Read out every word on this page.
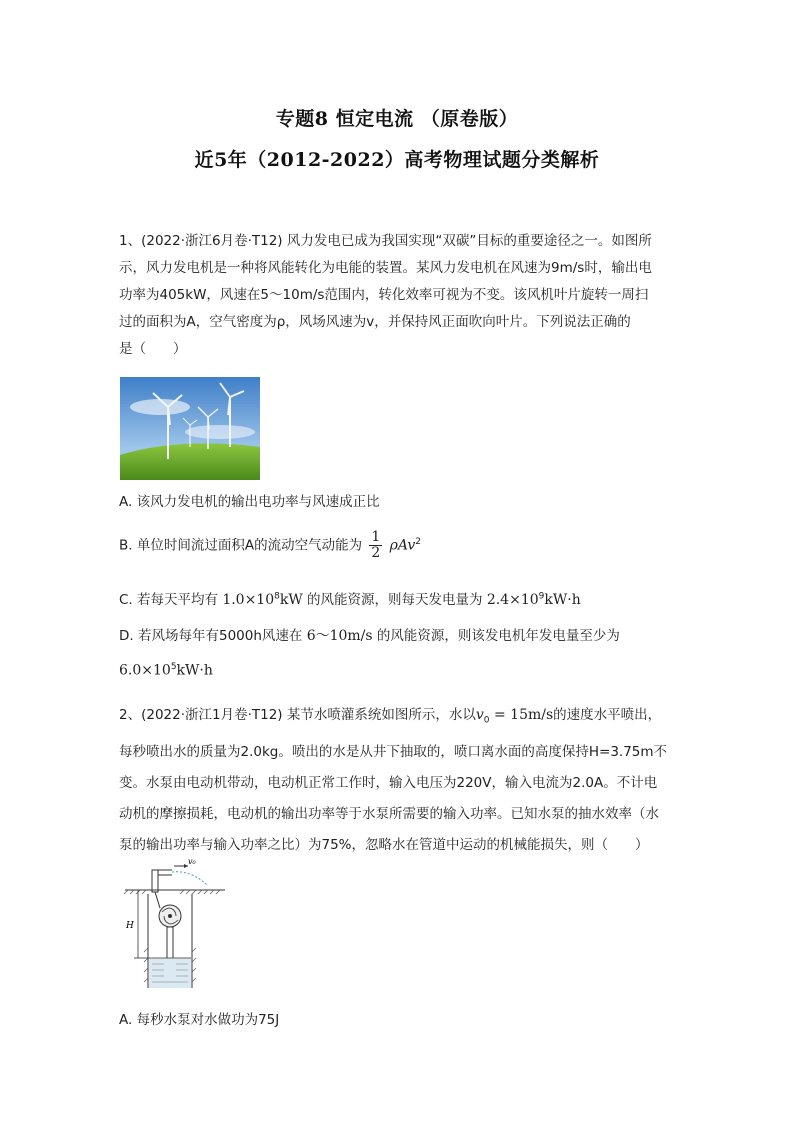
专题8 恒定电流 （原卷版）
近5年（2012-2022）高考物理试题分类解析
1、(2022·浙江6月卷·T12) 风力发电已成为我国实现“双碳”目标的重要途径之一。如图所
示，风力发电机是一种将风能转化为电能的装置。某风力发电机在风速为9m/s时，输出电
功率为405kW，风速在5～10m/s范围内，转化效率可视为不变。该风机叶片旋转一周扫
过的面积为A，空气密度为ρ，风场风速为v，并保持风正面吹向叶片。下列说法正确的
是（　　）
A. 该风力发电机的输出电功率与风速成正比
B. 单位时间流过面积A的流动空气动能为 $\frac{1}{2} \rho Av^2$
C. 若每天平均有 $1.0\times 10^8kW$ 的风能资源，则每天发电量为 $2.4\times 10^9kW\cdot h$
D. 若风场每年有5000h风速在 6～10m/s 的风能资源，则该发电机年发电量至少为
$6.0\times 10^5kW\cdot h$
2、(2022·浙江1月卷·T12) 某节水喷灌系统如图所示，水以$v_0 = 15m/s$的速度水平喷出，
每秒喷出水的质量为2.0kg。喷出的水是从井下抽取的，喷口离水面的高度保持H=3.75m不
变。水泵由电动机带动，电动机正常工作时，输入电压为220V，输入电流为2.0A。不计电
动机的摩擦损耗，电动机的输出功率等于水泵所需要的输入功率。已知水泵的抽水效率（水
泵的输出功率与输入功率之比）为75%，忽略水在管道中运动的机械能损失，则（　　）
v₀
H
A. 每秒水泵对水做功为75J
